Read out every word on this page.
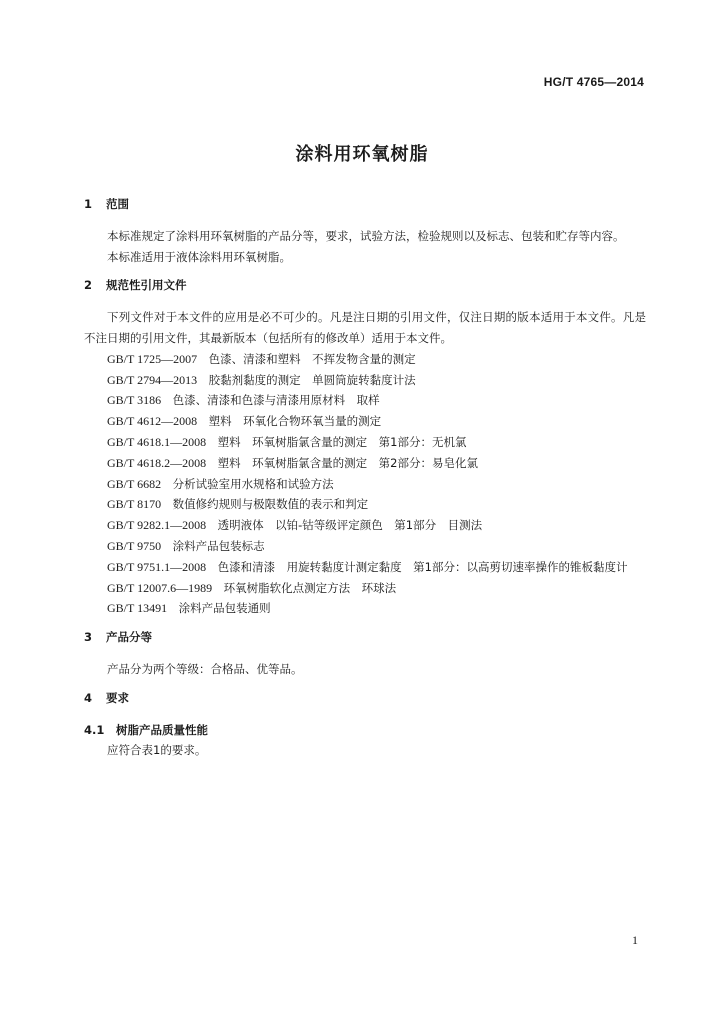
HG/T 4765—2014
涂料用环氧树脂

1 范围

本标准规定了涂料用环氧树脂的产品分等，要求，试验方法，检验规则以及标志、包装和贮存等内容。

本标准适用于液体涂料用环氧树脂。

2 规范性引用文件

下列文件对于本文件的应用是必不可少的。凡是注日期的引用文件，仅注日期的版本适用于本文件。凡是不注日期的引用文件，其最新版本（包括所有的修改单）适用于本文件。

GB/T 1725—2007　 色漆、清漆和塑料　不挥发物含量的测定

GB/T 2794—2013　 胶黏剂黏度的测定　单圆筒旋转黏度计法

GB/T 3186　 色漆、清漆和色漆与清漆用原材料　取样

GB/T 4612—2008　 塑料　环氧化合物环氧当量的测定

GB/T 4618.1—2008　 塑料　环氧树脂氯含量的测定　第1部分：无机氯

GB/T 4618.2—2008　 塑料　环氧树脂氯含量的测定　第2部分：易皂化氯

GB/T 6682　 分析试验室用水规格和试验方法

GB/T 8170　 数值修约规则与极限数值的表示和判定

GB/T 9282.1—2008　 透明液体　以铂-钴等级评定颜色　第1部分　目测法

GB/T 9750　 涂料产品包装标志

GB/T 9751.1—2008　 色漆和清漆　用旋转黏度计测定黏度　第1部分：以高剪切速率操作的锥板黏度计

GB/T 12007.6—1989　 环氧树脂软化点测定方法　环球法

GB/T 13491　 涂料产品包装通则

3 产品分等

产品分为两个等级：合格品、优等品。

4 要求

4.1 树脂产品质量性能

应符合表1的要求。

1
